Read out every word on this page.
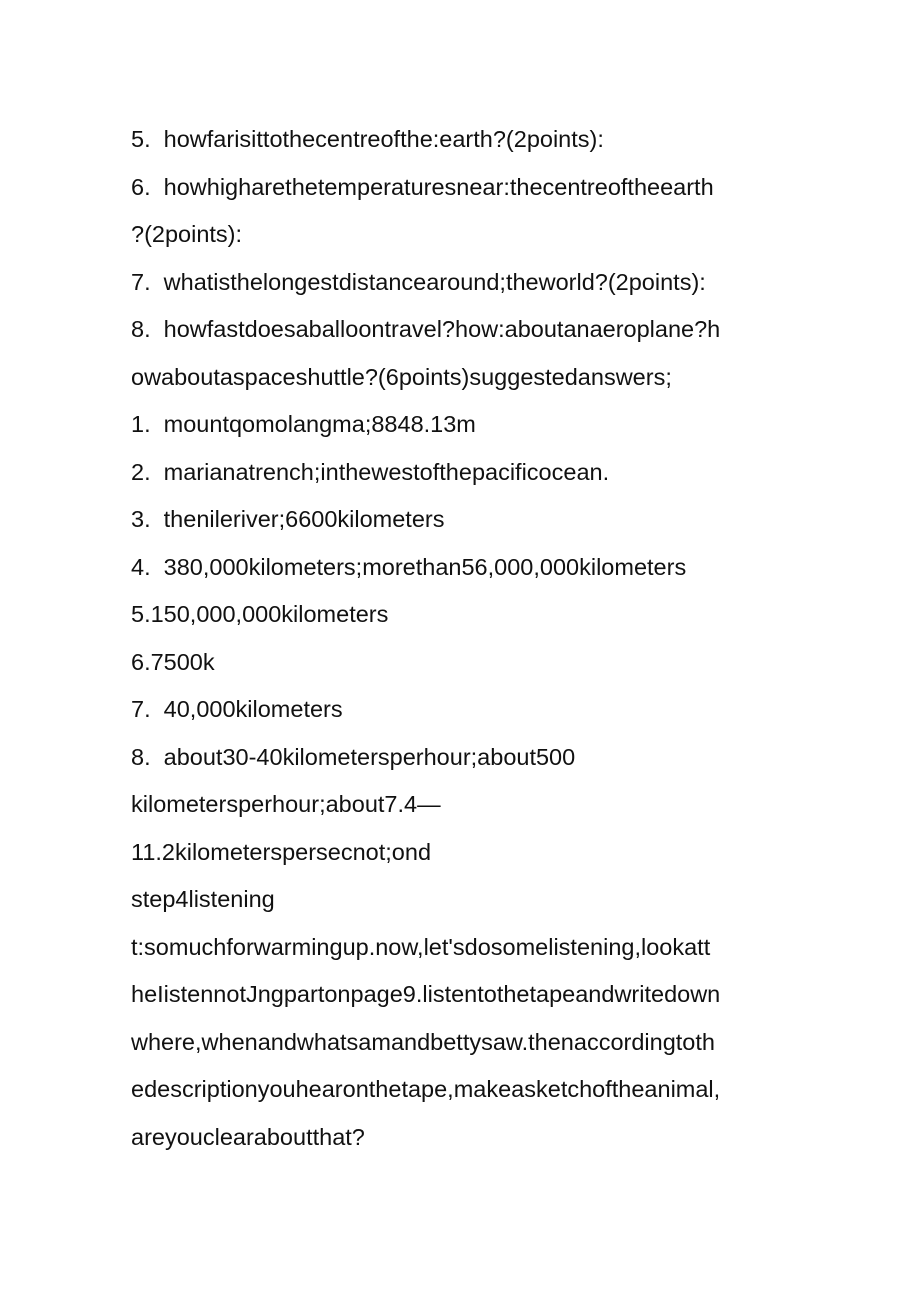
5.  howfarisittothecentreofthe:earth?(2points):
6.  howhigharethetemperaturesnear:thecentreoftheearth
?(2points):
7.  whatisthelongestdistancearound;theworld?(2points):
8.  howfastdoesaballoontravel?how:aboutanaeroplane?h
owaboutaspaceshuttle?(6points)suggestedanswers;
1.  mountqomolangma;8848.13m
2.  marianatrench;inthewestofthepacificocean.
3.  thenileriver;6600kilometers
4.  380,000kilometers;morethan56,000,000kilometers
5.150,000,000kilometers
6.7500k
7.  40,000kilometers
8.  about30-40kilometersperhour;about500
kilometersperhour;about7.4—
11.2kilometerspersecnot;ond
step4listening
t:somuchforwarmingup.now,let'sdosomelistening,lookatt
heIistennotJngpartonpage9.listentothetapeandwritedown
where,whenandwhatsamandbettysaw.thenaccordingtoth
edescriptionyouhearonthetape,makeasketchoftheanimal,
areyouclearaboutthat?
